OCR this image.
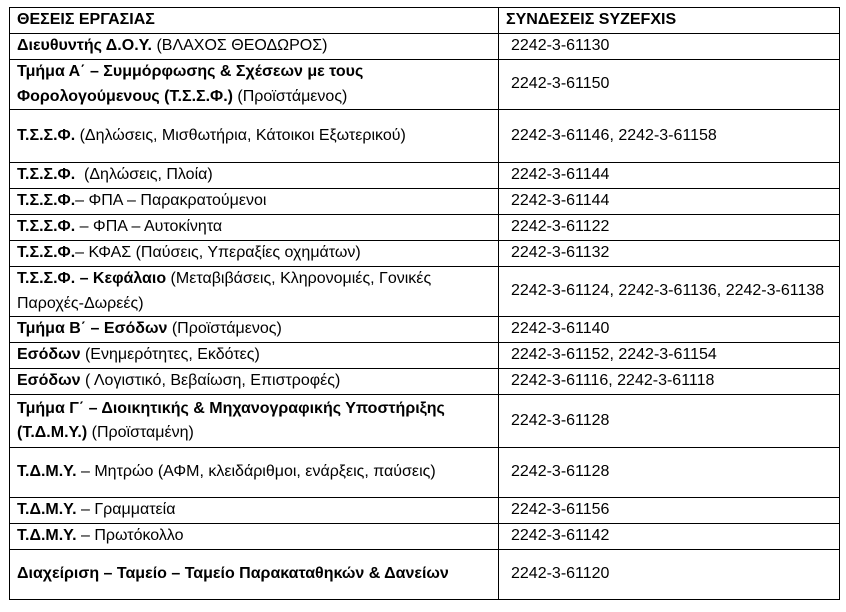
ΘΕΣΕΙΣ ΕΡΓΑΣΙΑΣ	ΣΥΝΔΕΣΕΙΣ SYZEFXIS
Διευθυντής Δ.Ο.Υ. (ΒΛΑΧΟΣ ΘΕΟΔΩΡΟΣ)	2242-3-61130
Τμήμα Α΄ – Συμμόρφωσης & Σχέσεων με τους Φορολογούμενους (Τ.Σ.Σ.Φ.) (Προϊστάμενος)	2242-3-61150
Τ.Σ.Σ.Φ. (Δηλώσεις, Μισθωτήρια, Κάτοικοι Εξωτερικού)	2242-3-61146, 2242-3-61158
Τ.Σ.Σ.Φ.  (Δηλώσεις, Πλοία)	2242-3-61144
Τ.Σ.Σ.Φ.– ΦΠΑ – Παρακρατούμενοι	2242-3-61144
Τ.Σ.Σ.Φ. – ΦΠΑ – Αυτοκίνητα	2242-3-61122
Τ.Σ.Σ.Φ.– ΚΦΑΣ (Παύσεις, Υπεραξίες οχημάτων)	2242-3-61132
Τ.Σ.Σ.Φ. – Κεφάλαιο (Μεταβιβάσεις, Κληρονομιές, Γονικές Παροχές-Δωρεές)	2242-3-61124, 2242-3-61136, 2242-3-61138
Τμήμα Β΄ – Εσόδων (Προϊστάμενος)	2242-3-61140
Εσόδων (Ενημερότητες, Εκδότες)	2242-3-61152, 2242-3-61154
Εσόδων ( Λογιστικό, Βεβαίωση, Επιστροφές)	2242-3-61116, 2242-3-61118
Τμήμα Γ΄ – Διοικητικής & Μηχανογραφικής Υποστήριξης (Τ.Δ.Μ.Υ.) (Προϊσταμένη)	2242-3-61128
Τ.Δ.Μ.Υ. – Μητρώο (ΑΦΜ, κλειδάριθμοι, ενάρξεις, παύσεις)	2242-3-61128
Τ.Δ.Μ.Υ. – Γραμματεία	2242-3-61156
Τ.Δ.Μ.Υ. – Πρωτόκολλο	2242-3-61142
Διαχείριση – Ταμείο – Ταμείο Παρακαταθηκών & Δανείων	2242-3-61120
